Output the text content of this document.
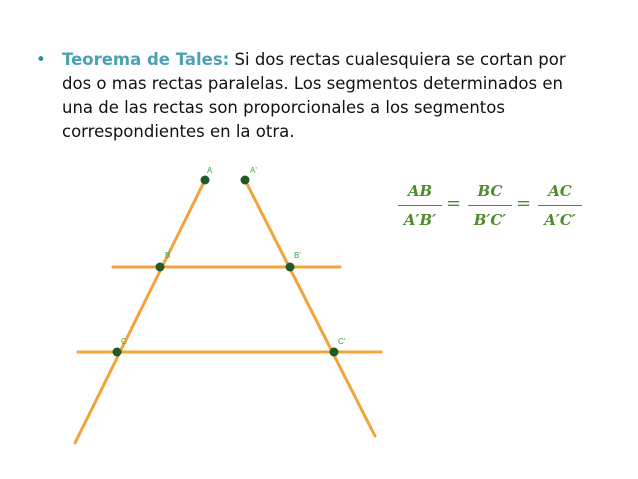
• Teorema de Tales: Si dos rectas cualesquiera se cortan por dos o mas rectas paralelas. Los segmentos determinados en una de las rectas son proporcionales a los segmentos correspondientes en la otra.
A	A'
B	B'
C	C'
AB
A′B′
=
BC
B′C′
=
AC
A′C′
